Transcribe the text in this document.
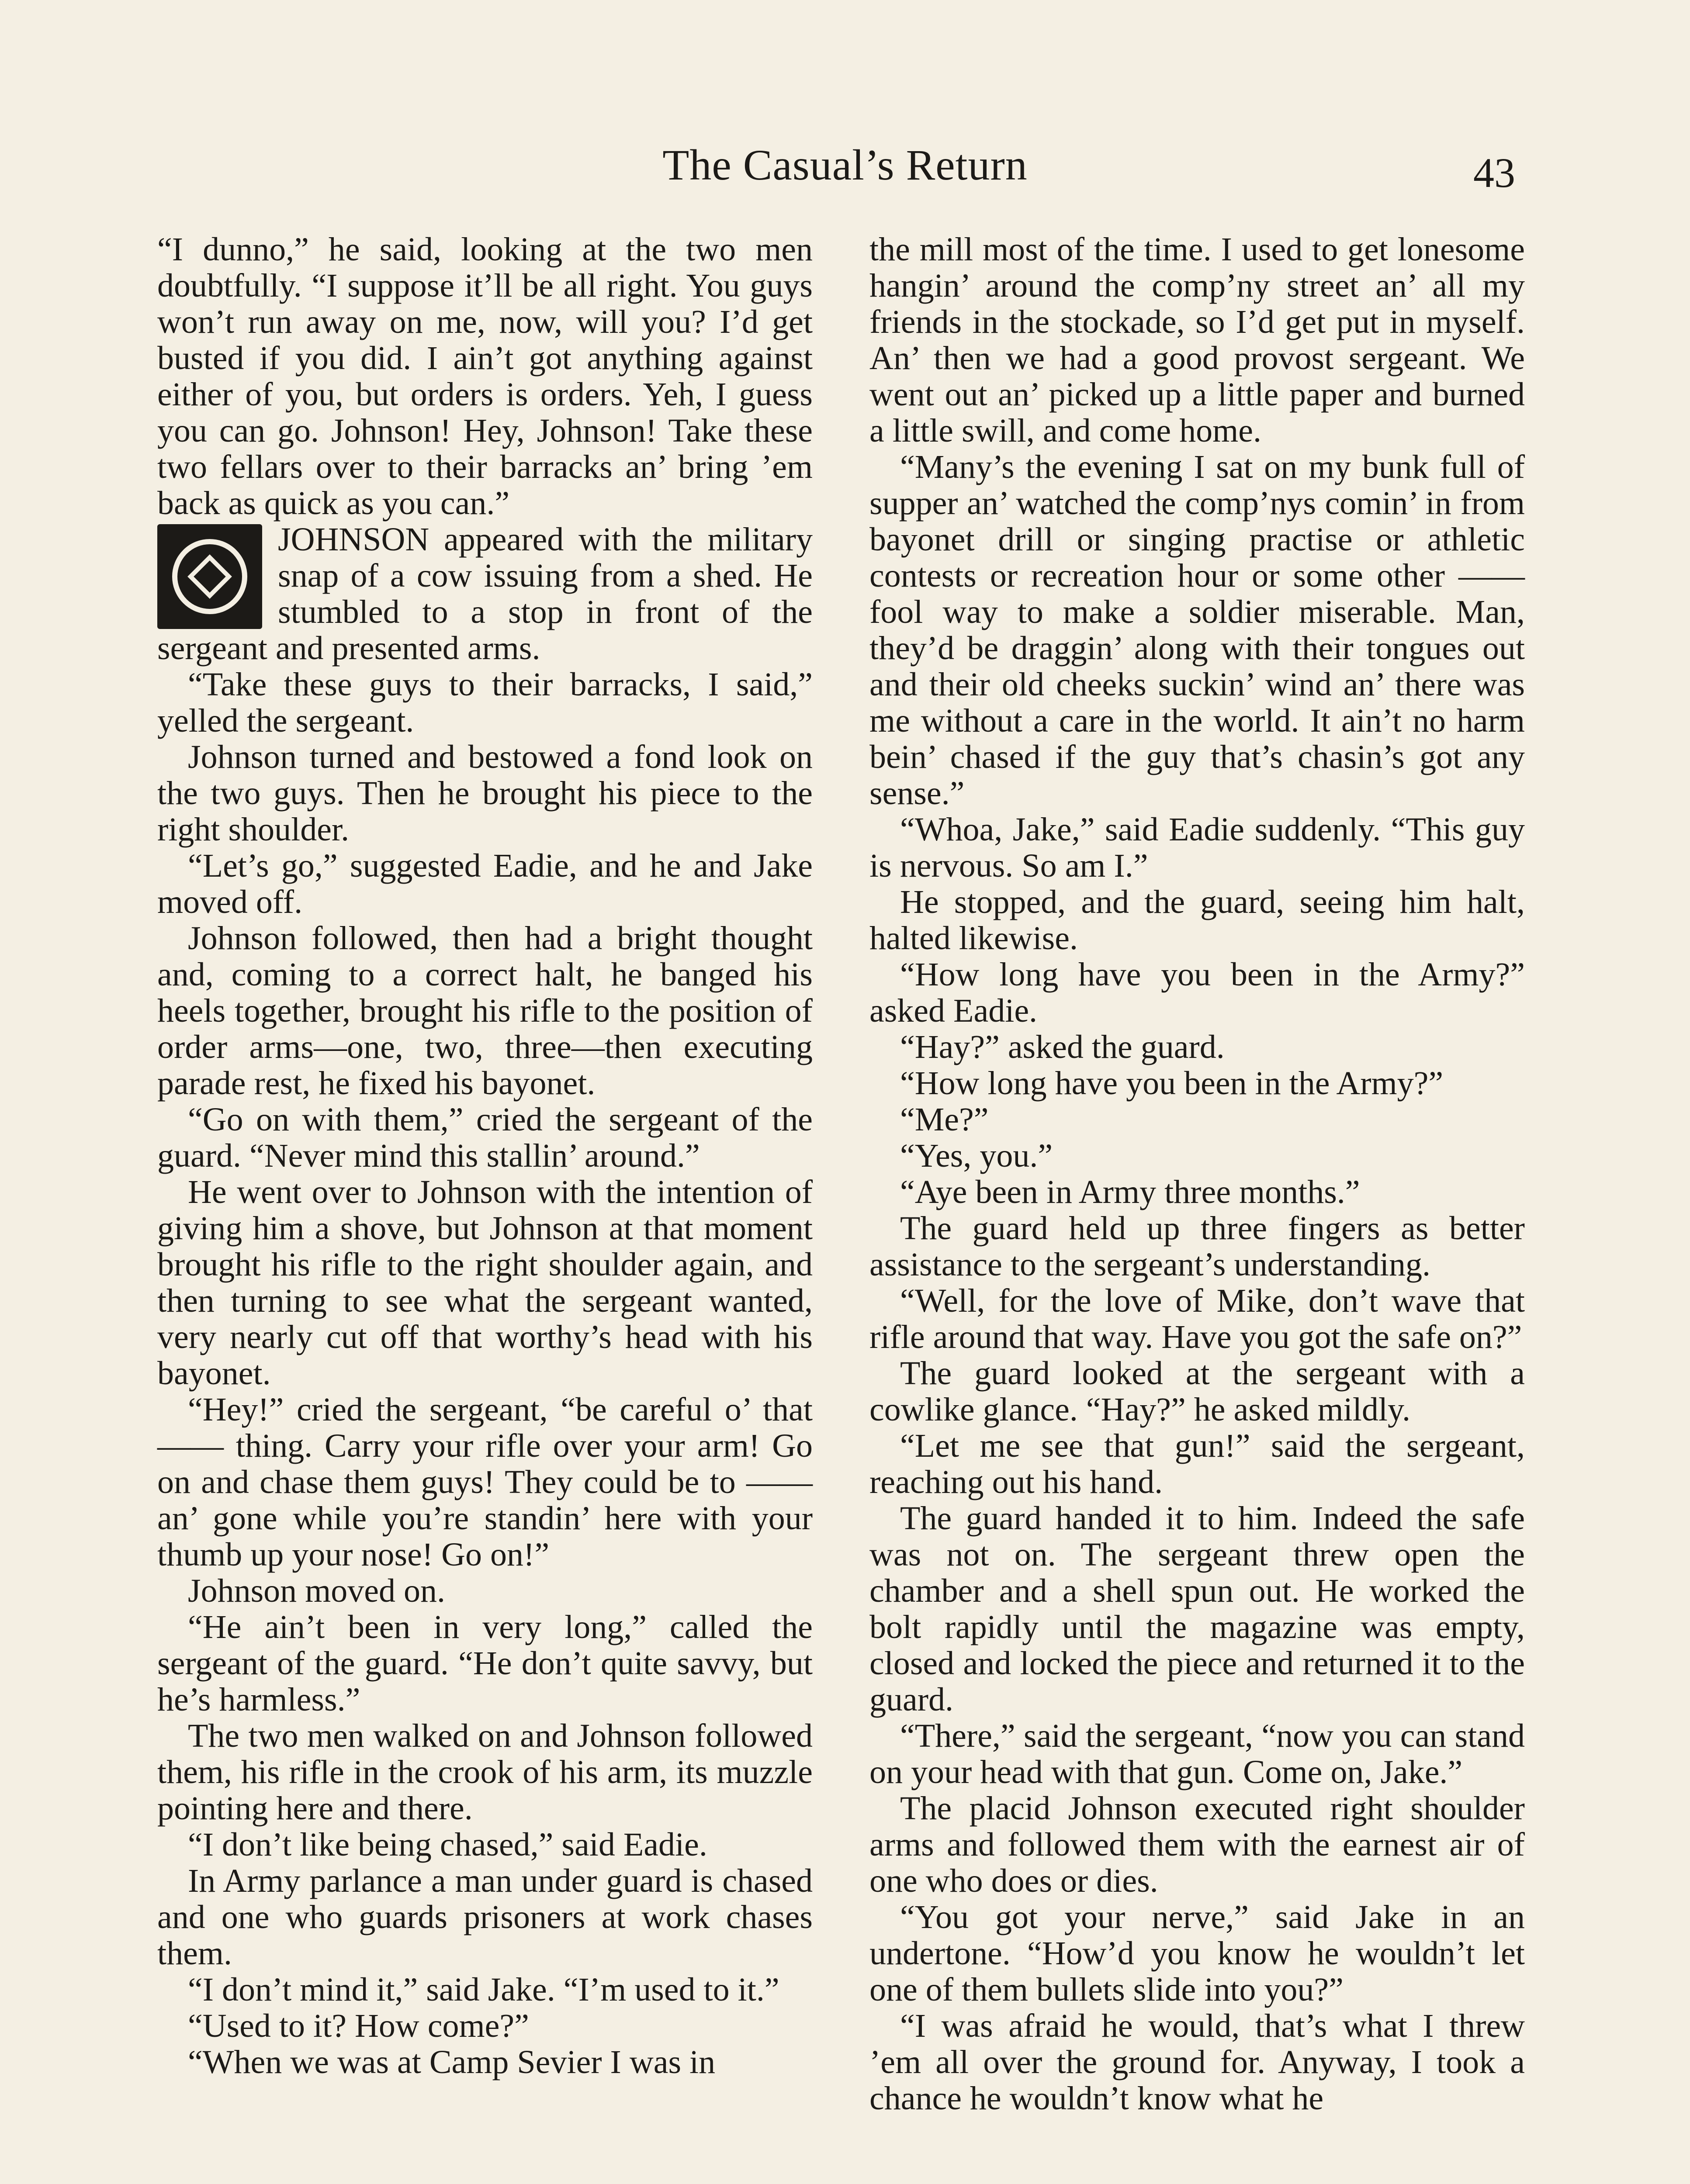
The Casual’s Return	43

“I dunno,” he said, looking at the two men doubtfully. “I suppose it’ll be all right. You guys won’t run away on me, now, will you? I’d get busted if you did. I ain’t got anything against either of you, but orders is orders. Yeh, I guess you can go. Johnson! Hey, Johnson! Take these two fellars over to their barracks an’ bring ’em back as quick as you can.”

JOHNSON appeared with the military snap of a cow issuing from a shed. He stumbled to a stop in front of the sergeant and presented arms.

“Take these guys to their barracks, I said,” yelled the sergeant.

Johnson turned and bestowed a fond look on the two guys. Then he brought his piece to the right shoulder.

“Let’s go,” suggested Eadie, and he and Jake moved off.

Johnson followed, then had a bright thought and, coming to a correct halt, he banged his heels together, brought his rifle to the position of order arms—one, two, three—then executing parade rest, he fixed his bayonet.

“Go on with them,” cried the sergeant of the guard. “Never mind this stallin’ around.”

He went over to Johnson with the intention of giving him a shove, but Johnson at that moment brought his rifle to the right shoulder again, and then turning to see what the sergeant wanted, very nearly cut off that worthy’s head with his bayonet.

“Hey!” cried the sergeant, “be careful o’ that —— thing. Carry your rifle over your arm! Go on and chase them guys! They could be to —— an’ gone while you’re standin’ here with your thumb up your nose! Go on!”

Johnson moved on.

“He ain’t been in very long,” called the sergeant of the guard. “He don’t quite savvy, but he’s harmless.”

The two men walked on and Johnson followed them, his rifle in the crook of his arm, its muzzle pointing here and there.

“I don’t like being chased,” said Eadie.

In Army parlance a man under guard is chased and one who guards prisoners at work chases them.

“I don’t mind it,” said Jake. “I’m used to it.”

“Used to it? How come?”

“When we was at Camp Sevier I was in

the mill most of the time. I used to get lonesome hangin’ around the comp’ny street an’ all my friends in the stockade, so I’d get put in myself. An’ then we had a good provost sergeant. We went out an’ picked up a little paper and burned a little swill, and come home.

“Many’s the evening I sat on my bunk full of supper an’ watched the comp’nys comin’ in from bayonet drill or singing practise or athletic contests or recreation hour or some other —— fool way to make a soldier miserable. Man, they’d be draggin’ along with their tongues out and their old cheeks suckin’ wind an’ there was me without a care in the world. It ain’t no harm bein’ chased if the guy that’s chasin’s got any sense.”

“Whoa, Jake,” said Eadie suddenly. “This guy is nervous. So am I.”

He stopped, and the guard, seeing him halt, halted likewise.

“How long have you been in the Army?” asked Eadie.

“Hay?” asked the guard.

“How long have you been in the Army?”

“Me?”

“Yes, you.”

“Aye been in Army three months.”

The guard held up three fingers as better assistance to the sergeant’s understanding.

“Well, for the love of Mike, don’t wave that rifle around that way. Have you got the safe on?”

The guard looked at the sergeant with a cowlike glance. “Hay?” he asked mildly.

“Let me see that gun!” said the sergeant, reaching out his hand.

The guard handed it to him. Indeed the safe was not on. The sergeant threw open the chamber and a shell spun out. He worked the bolt rapidly until the magazine was empty, closed and locked the piece and returned it to the guard.

“There,” said the sergeant, “now you can stand on your head with that gun. Come on, Jake.”

The placid Johnson executed right shoulder arms and followed them with the earnest air of one who does or dies.

“You got your nerve,” said Jake in an undertone. “How’d you know he wouldn’t let one of them bullets slide into you?”

“I was afraid he would, that’s what I threw ’em all over the ground for. Anyway, I took a chance he wouldn’t know what he
